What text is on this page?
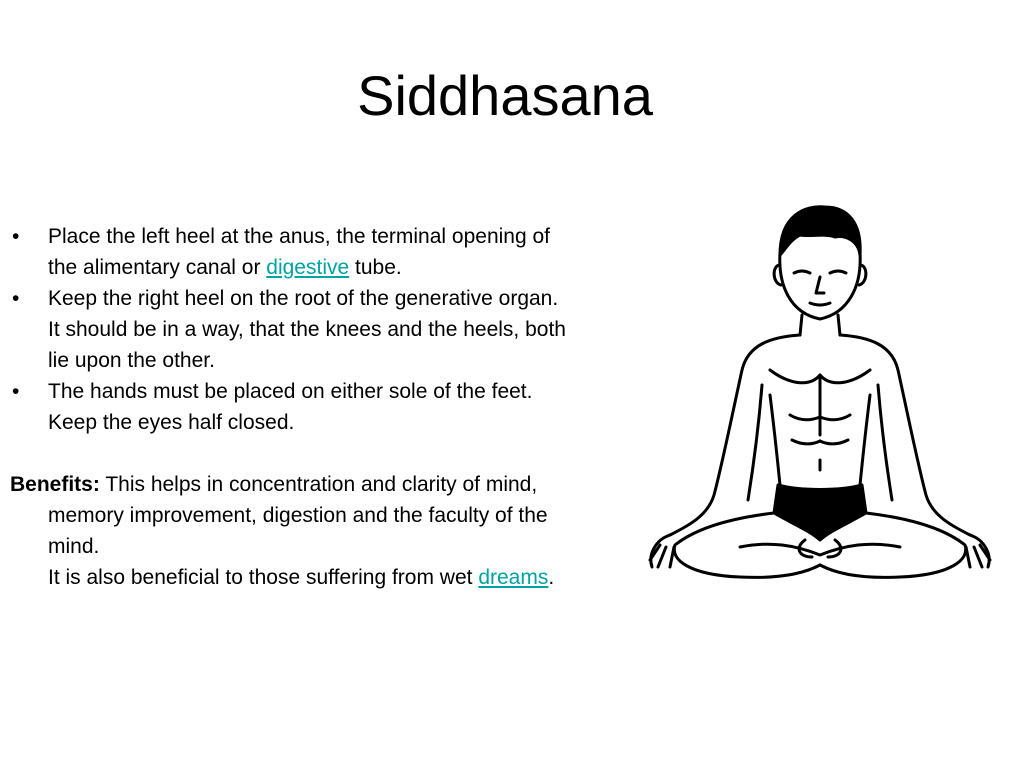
Siddhasana
• Place the left heel at the anus, the terminal opening of
the alimentary canal or digestive tube.
• Keep the right heel on the root of the generative organ.
It should be in a way, that the knees and the heels, both
lie upon the other.
• The hands must be placed on either sole of the feet.
Keep the eyes half closed.
Benefits: This helps in concentration and clarity of mind,
memory improvement, digestion and the faculty of the
mind.
It is also beneficial to those suffering from wet dreams.
